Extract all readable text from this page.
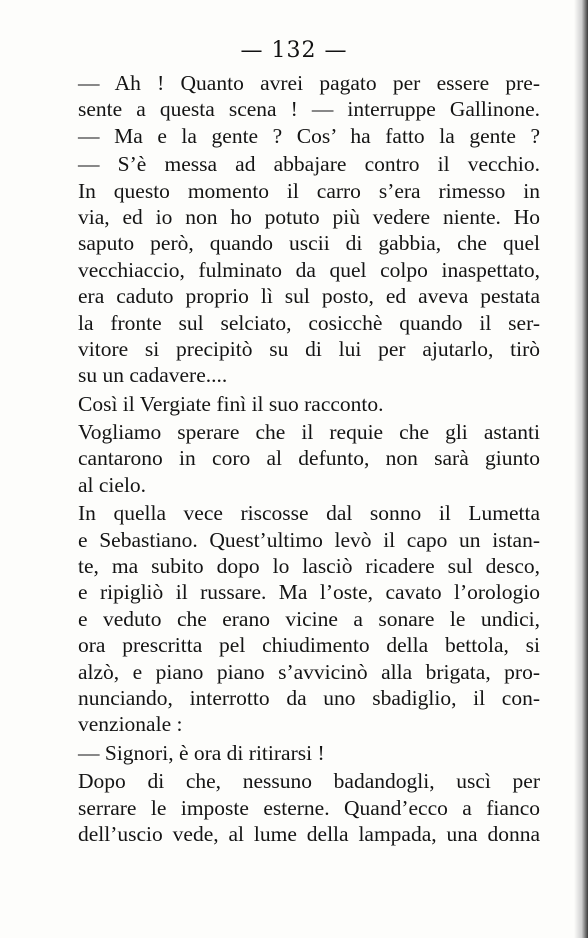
— 132 —
— Ah ! Quanto avrei pagato per essere pre-
sente a questa scena ! — interruppe Gallinone.
— Ma e la gente ? Cos’ ha fatto la gente ?
— S’è messa ad abbajare contro il vecchio.
In questo momento il carro s’era rimesso in
via, ed io non ho potuto più vedere niente. Ho
saputo però, quando uscii di gabbia, che quel
vecchiaccio, fulminato da quel colpo inaspettato,
era caduto proprio lì sul posto, ed aveva pestata
la fronte sul selciato, cosicchè quando il ser-
vitore si precipitò su di lui per ajutarlo, tirò
su un cadavere....
Così il Vergiate finì il suo racconto.
Vogliamo sperare che il requie che gli astanti
cantarono in coro al defunto, non sarà giunto
al cielo.
In quella vece riscosse dal sonno il Lumetta
e Sebastiano. Quest’ultimo levò il capo un istan-
te, ma subito dopo lo lasciò ricadere sul desco,
e ripigliò il russare. Ma l’oste, cavato l’orologio
e veduto che erano vicine a sonare le undici,
ora prescritta pel chiudimento della bettola, si
alzò, e piano piano s’avvicinò alla brigata, pro-
nunciando, interrotto da uno sbadiglio, il con-
venzionale :
— Signori, è ora di ritirarsi !
Dopo di che, nessuno badandogli, uscì per
serrare le imposte esterne. Quand’ecco a fianco
dell’uscio vede, al lume della lampada, una donna
